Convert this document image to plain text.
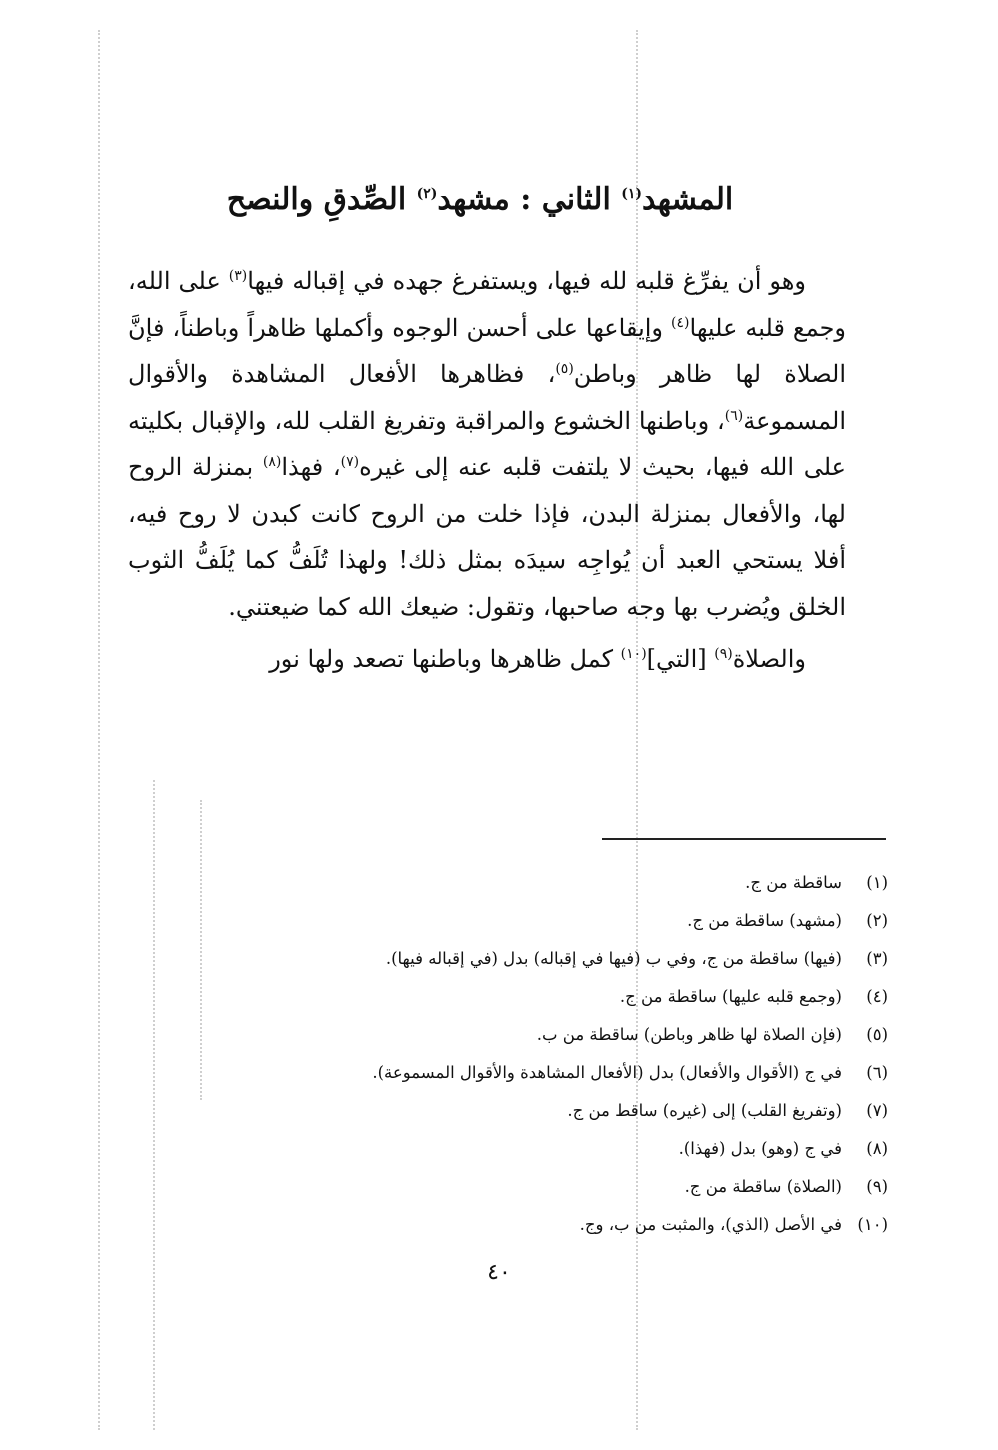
المشهد$^{(١)}$ الثاني : مشهد$^{(٢)}$ الصِّدقِ والنصح

وهو أن يفرِّغ قلبه لله فيها، ويستفرغ جهده في إقباله فيها$^{(٣)}$ على الله، وجمع قلبه عليها$^{(٤)}$ وإيقاعها على أحسن الوجوه وأكملها ظاهراً وباطناً، فإنَّ الصلاة لها ظاهر وباطن$^{(٥)}$، فظاهرها الأفعال المشاهدة والأقوال المسموعة$^{(٦)}$، وباطنها الخشوع والمراقبة وتفريغ القلب لله، والإقبال بكليته على الله فيها، بحيث لا يلتفت قلبه عنه إلى غيره$^{(٧)}$، فهذا$^{(٨)}$ بمنزلة الروح لها، والأفعال بمنزلة البدن، فإذا خلت من الروح كانت كبدن لا روح فيه، أفلا يستحي العبد أن يُواجِه سيدَه بمثل ذلك! ولهذا تُلَفُّ كما يُلَفُّ الثوب الخلق ويُضرب بها وجه صاحبها، وتقول: ضيعك الله كما ضيعتني.

والصلاة$^{(٩)}$ [التي]$^{(١٠)}$ كمل ظاهرها وباطنها تصعد ولها نور

(١)ساقطة من ج.
(٢)(مشهد) ساقطة من ج.
(٣)(فيها) ساقطة من ج، وفي ب (فيها في إقباله) بدل (في إقباله فيها).
(٤)(وجمع قلبه عليها) ساقطة من ج.
(٥)(فإن الصلاة لها ظاهر وباطن) ساقطة من ب.
(٦)في ج (الأقوال والأفعال) بدل (الأفعال المشاهدة والأقوال المسموعة).
(٧)(وتفريغ القلب) إلى (غيره) ساقط من ج.
(٨)في ج (وهو) بدل (فهذا).
(٩)(الصلاة) ساقطة من ج.
(١٠)في الأصل (الذي)، والمثبت من ب، وج.
٤٠
